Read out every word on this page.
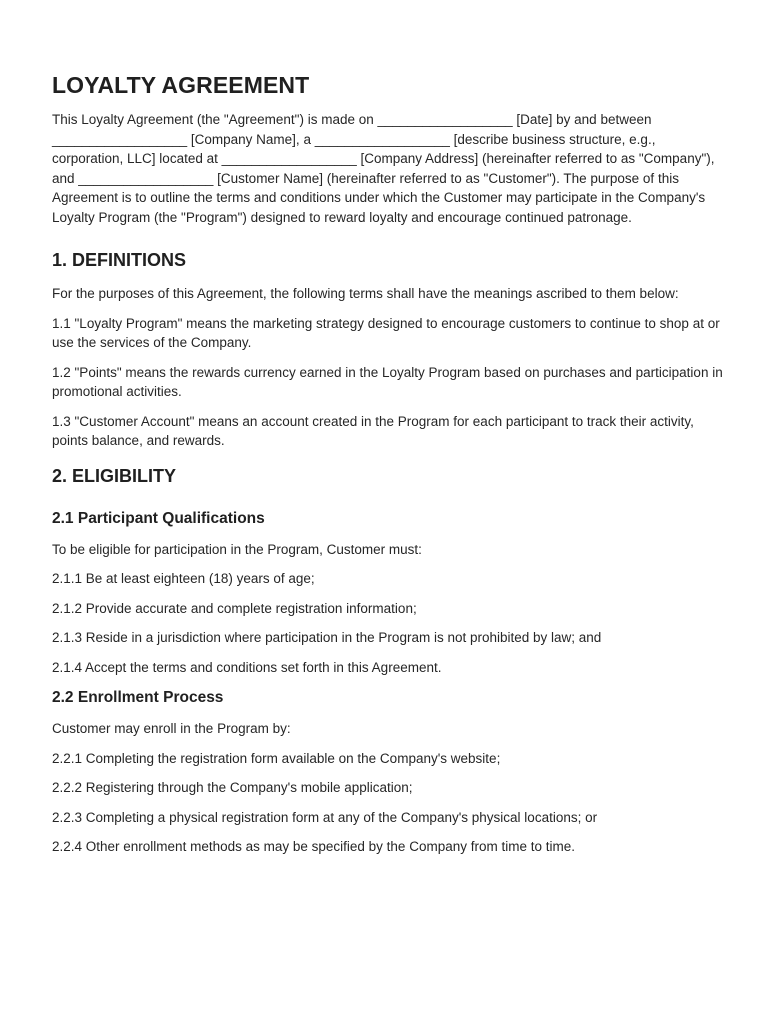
LOYALTY AGREEMENT

This Loyalty Agreement (the "Agreement") is made on __________________ [Date] by and between __________________ [Company Name], a __________________ [describe business structure, e.g., corporation, LLC] located at __________________ [Company Address] (hereinafter referred to as "Company"), and __________________ [Customer Name] (hereinafter referred to as "Customer"). The purpose of this Agreement is to outline the terms and conditions under which the Customer may participate in the Company's Loyalty Program (the "Program") designed to reward loyalty and encourage continued patronage.

1. DEFINITIONS

For the purposes of this Agreement, the following terms shall have the meanings ascribed to them below:

1.1 "Loyalty Program" means the marketing strategy designed to encourage customers to continue to shop at or use the services of the Company.

1.2 "Points" means the rewards currency earned in the Loyalty Program based on purchases and participation in promotional activities.

1.3 "Customer Account" means an account created in the Program for each participant to track their activity, points balance, and rewards.

2. ELIGIBILITY
2.1 Participant Qualifications

To be eligible for participation in the Program, Customer must:

2.1.1 Be at least eighteen (18) years of age;

2.1.2 Provide accurate and complete registration information;

2.1.3 Reside in a jurisdiction where participation in the Program is not prohibited by law; and

2.1.4 Accept the terms and conditions set forth in this Agreement.

2.2 Enrollment Process

Customer may enroll in the Program by:

2.2.1 Completing the registration form available on the Company's website;

2.2.2 Registering through the Company's mobile application;

2.2.3 Completing a physical registration form at any of the Company's physical locations; or

2.2.4 Other enrollment methods as may be specified by the Company from time to time.
